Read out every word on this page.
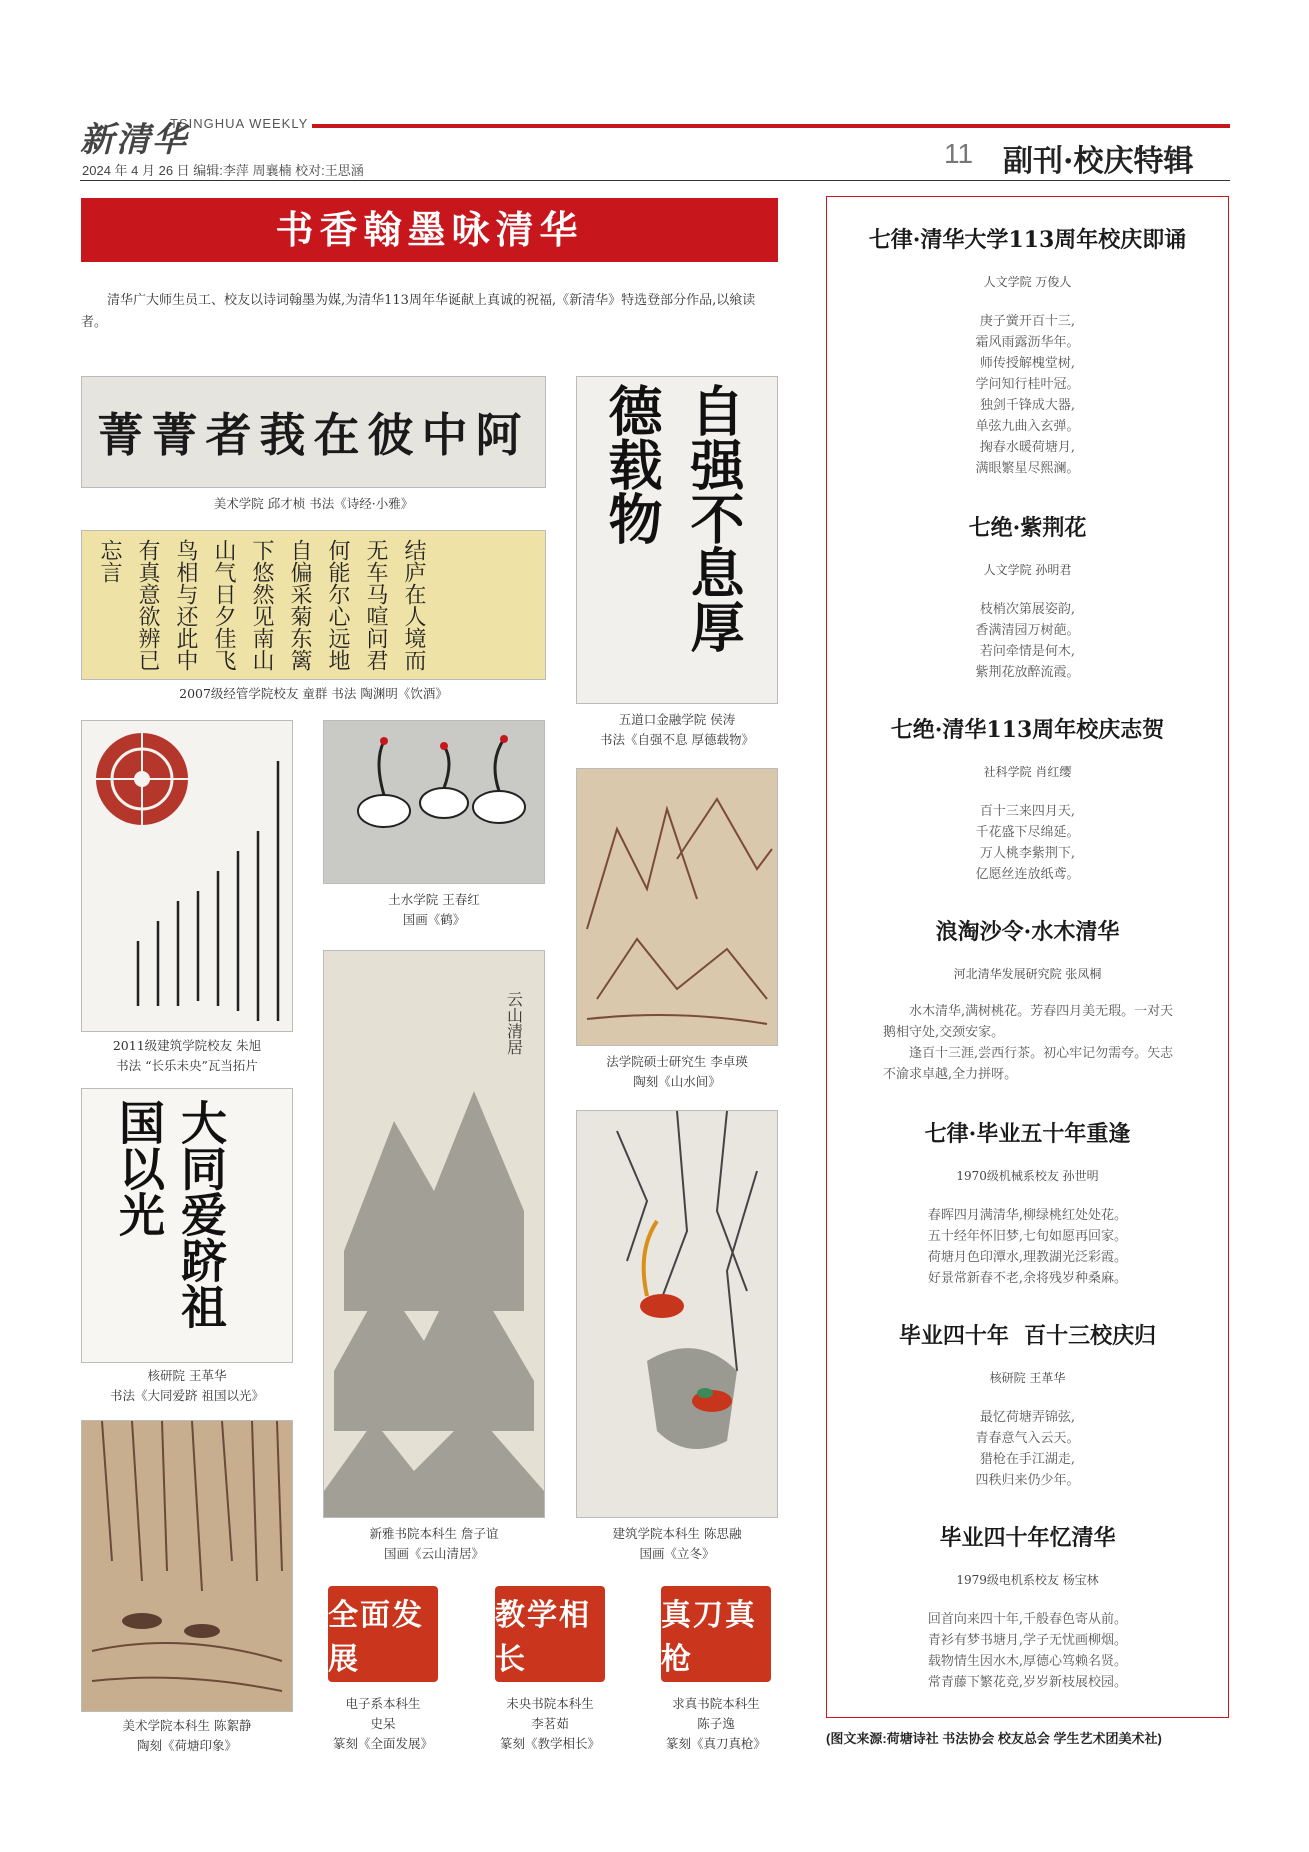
新清华
TSINGHUA WEEKLY
2024 年 4 月 26 日 编辑:李萍 周襄楠 校对:王思涵
11 副刊·校庆特辑
书香翰墨咏清华
清华广大师生员工、校友以诗词翰墨为媒,为清华113周年华诞献上真诚的祝福,《新清华》特选登部分作品,以飨读者。
菁菁者莪在彼中阿
美术学院 邱才桢 书法《诗经·小雅》
结庐在人境而无车马喧问君何能尔心远地自偏采菊东篱下悠然见南山山气日夕佳飞鸟相与还此中有真意欲辨已忘言
2007级经管学院校友 童群 书法 陶渊明《饮酒》
自强不息厚德载物
五道口金融学院 侯涛
书法《自强不息 厚德载物》
2011级建筑学院校友 朱旭
书法 “长乐未央”瓦当拓片
土水学院 王春红
国画《鹤》
法学院硕士研究生 李卓瑛
陶刻《山水间》
大同爱跻祖国以光
核研院 王革华
书法《大同爱跻 祖国以光》
云山清居
新雅书院本科生 詹子谊
国画《云山清居》
建筑学院本科生 陈思融
国画《立冬》
美术学院本科生 陈絮静
陶刻《荷塘印象》
全面发展
电子系本科生
史呆
篆刻《全面发展》
教学相长
未央书院本科生
李茗茹
篆刻《教学相长》
真刀真枪
求真书院本科生
陈子逸
篆刻《真刀真枪》
七律·清华大学113周年校庆即诵
人文学院 万俊人
庚子黉开百十三,
霜风雨露沥华年。
师传授解槐堂树,
学问知行桂叶冠。
独剑千锋成大器,
单弦九曲入玄弹。
掬春水暖荷塘月,
满眼繁星尽熙澜。
七绝·紫荆花
人文学院 孙明君
枝梢次第展姿韵,
香满清园万树葩。
若问牵情是何木,
紫荆花放醉流霞。
七绝·清华113周年校庆志贺
社科学院 肖红缨
百十三来四月天,
千花盛下尽绵延。
万人桃李紫荆下,
亿愿丝连放纸鸢。
浪淘沙令·水木清华
河北清华发展研究院 张凤桐
水木清华,满树桃花。芳春四月美无瑕。一对天鹅相守处,交颈安家。
逢百十三涯,尝西行茶。初心牢记勿需夸。矢志不渝求卓越,全力拼呀。
七律·毕业五十年重逢
1970级机械系校友 孙世明
春晖四月满清华,柳绿桃红处处花。
五十经年怀旧梦,七旬如愿再回家。
荷塘月色印潭水,理教湖光泛彩霞。
好景常新春不老,余将残岁种桑麻。
毕业四十年  百十三校庆归
核研院 王革华
最忆荷塘弄锦弦,
青春意气入云天。
猎枪在手江湖走,
四秩归来仍少年。
毕业四十年忆清华
1979级电机系校友 杨宝林
回首向来四十年,千般春色寄从前。
青衫有梦书塘月,学子无忧画柳烟。
载物情生因水木,厚德心笃赖名贤。
常青藤下繁花竞,岁岁新枝展校园。
(图文来源:荷塘诗社 书法协会 校友总会 学生艺术团美术社)
